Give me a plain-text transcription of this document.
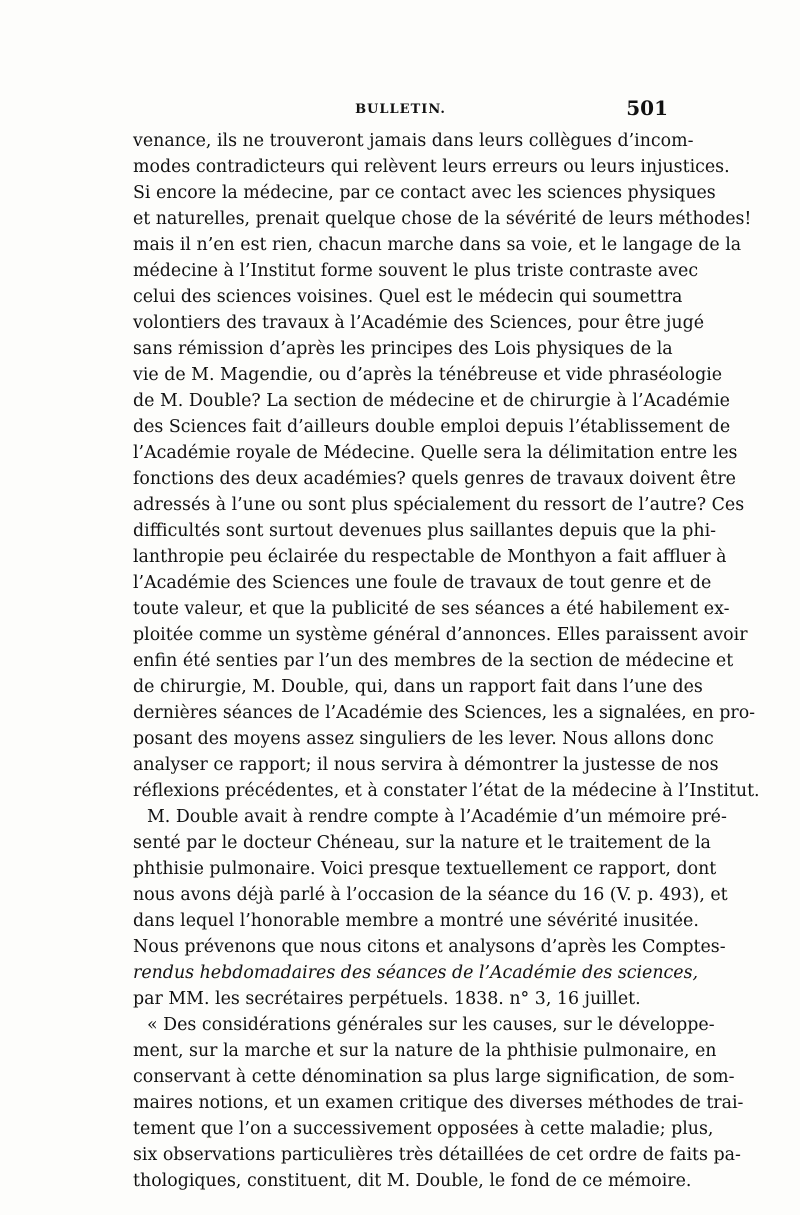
BULLETIN.	501
venance, ils ne trouveront jamais dans leurs collègues d’incom-
modes contradicteurs qui relèvent leurs erreurs ou leurs injustices.
Si encore la médecine, par ce contact avec les sciences physiques
et naturelles, prenait quelque chose de la sévérité de leurs méthodes!
mais il n’en est rien, chacun marche dans sa voie, et le langage de la
médecine à l’Institut forme souvent le plus triste contraste avec
celui des sciences voisines. Quel est le médecin qui soumettra
volontiers des travaux à l’Académie des Sciences, pour être jugé
sans rémission d’après les principes des Lois physiques de la
vie de M. Magendie, ou d’après la ténébreuse et vide phraséologie
de M. Double? La section de médecine et de chirurgie à l’Académie
des Sciences fait d’ailleurs double emploi depuis l’établissement de
l’Académie royale de Médecine. Quelle sera la délimitation entre les
fonctions des deux académies? quels genres de travaux doivent être
adressés à l’une ou sont plus spécialement du ressort de l’autre? Ces
difficultés sont surtout devenues plus saillantes depuis que la phi-
lanthropie peu éclairée du respectable de Monthyon a fait affluer à
l’Académie des Sciences une foule de travaux de tout genre et de
toute valeur, et que la publicité de ses séances a été habilement ex-
ploitée comme un système général d’annonces. Elles paraissent avoir
enfin été senties par l’un des membres de la section de médecine et
de chirurgie, M. Double, qui, dans un rapport fait dans l’une des
dernières séances de l’Académie des Sciences, les a signalées, en pro-
posant des moyens assez singuliers de les lever. Nous allons donc
analyser ce rapport; il nous servira à démontrer la justesse de nos
réflexions précédentes, et à constater l’état de la médecine à l’Institut.
M. Double avait à rendre compte à l’Académie d’un mémoire pré-
senté par le docteur Chéneau, sur la nature et le traitement de la
phthisie pulmonaire. Voici presque textuellement ce rapport, dont
nous avons déjà parlé à l’occasion de la séance du 16 (V. p. 493), et
dans lequel l’honorable membre a montré une sévérité inusitée.
Nous prévenons que nous citons et analysons d’après les Comptes-
rendus hebdomadaires des séances de l’Académie des sciences,
par MM. les secrétaires perpétuels. 1838. n° 3, 16 juillet.
« Des considérations générales sur les causes, sur le développe-
ment, sur la marche et sur la nature de la phthisie pulmonaire, en
conservant à cette dénomination sa plus large signification, de som-
maires notions, et un examen critique des diverses méthodes de trai-
tement que l’on a successivement opposées à cette maladie; plus,
six observations particulières très détaillées de cet ordre de faits pa-
thologiques, constituent, dit M. Double, le fond de ce mémoire.
